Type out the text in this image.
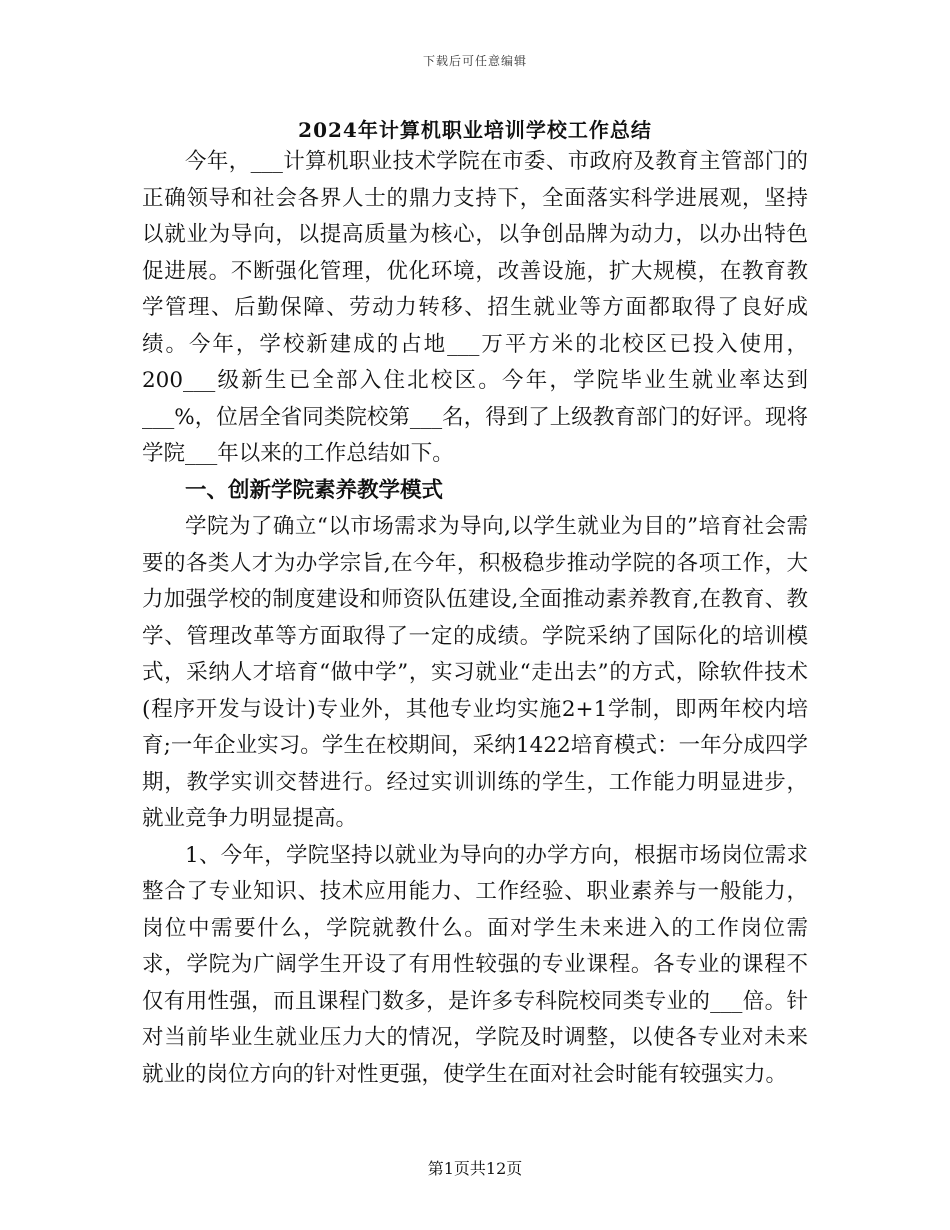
下载后可任意编辑
2024年计算机职业培训学校工作总结

今年，___计算机职业技术学院在市委、市政府及教育主管部门的正确领导和社会各界人士的鼎力支持下，全面落实科学进展观，坚持以就业为导向，以提高质量为核心，以争创品牌为动力，以办出特色促进展。不断强化管理，优化环境，改善设施，扩大规模，在教育教学管理、后勤保障、劳动力转移、招生就业等方面都取得了良好成绩。今年，学校新建成的占地___万平方米的北校区已投入使用，200___级新生已全部入住北校区。今年，学院毕业生就业率达到___%，位居全省同类院校第___名，得到了上级教育部门的好评。现将学院___年以来的工作总结如下。

一、创新学院素养教学模式

学院为了确立“以市场需求为导向,以学生就业为目的”培育社会需要的各类人才为办学宗旨,在今年，积极稳步推动学院的各项工作，大力加强学校的制度建设和师资队伍建设,全面推动素养教育,在教育、教学、管理改革等方面取得了一定的成绩。学院采纳了国际化的培训模式，采纳人才培育“做中学”，实习就业“走出去”的方式，除软件技术(程序开发与设计)专业外，其他专业均实施2+1学制，即两年校内培育;一年企业实习。学生在校期间，采纳1422培育模式：一年分成四学期，教学实训交替进行。经过实训训练的学生，工作能力明显进步，就业竞争力明显提高。

1、今年，学院坚持以就业为导向的办学方向，根据市场岗位需求整合了专业知识、技术应用能力、工作经验、职业素养与一般能力，岗位中需要什么，学院就教什么。面对学生未来进入的工作岗位需求，学院为广阔学生开设了有用性较强的专业课程。各专业的课程不仅有用性强，而且课程门数多，是许多专科院校同类专业的___倍。针对当前毕业生就业压力大的情况，学院及时调整，以使各专业对未来就业的岗位方向的针对性更强，使学生在面对社会时能有较强实力。

第1页共12页
